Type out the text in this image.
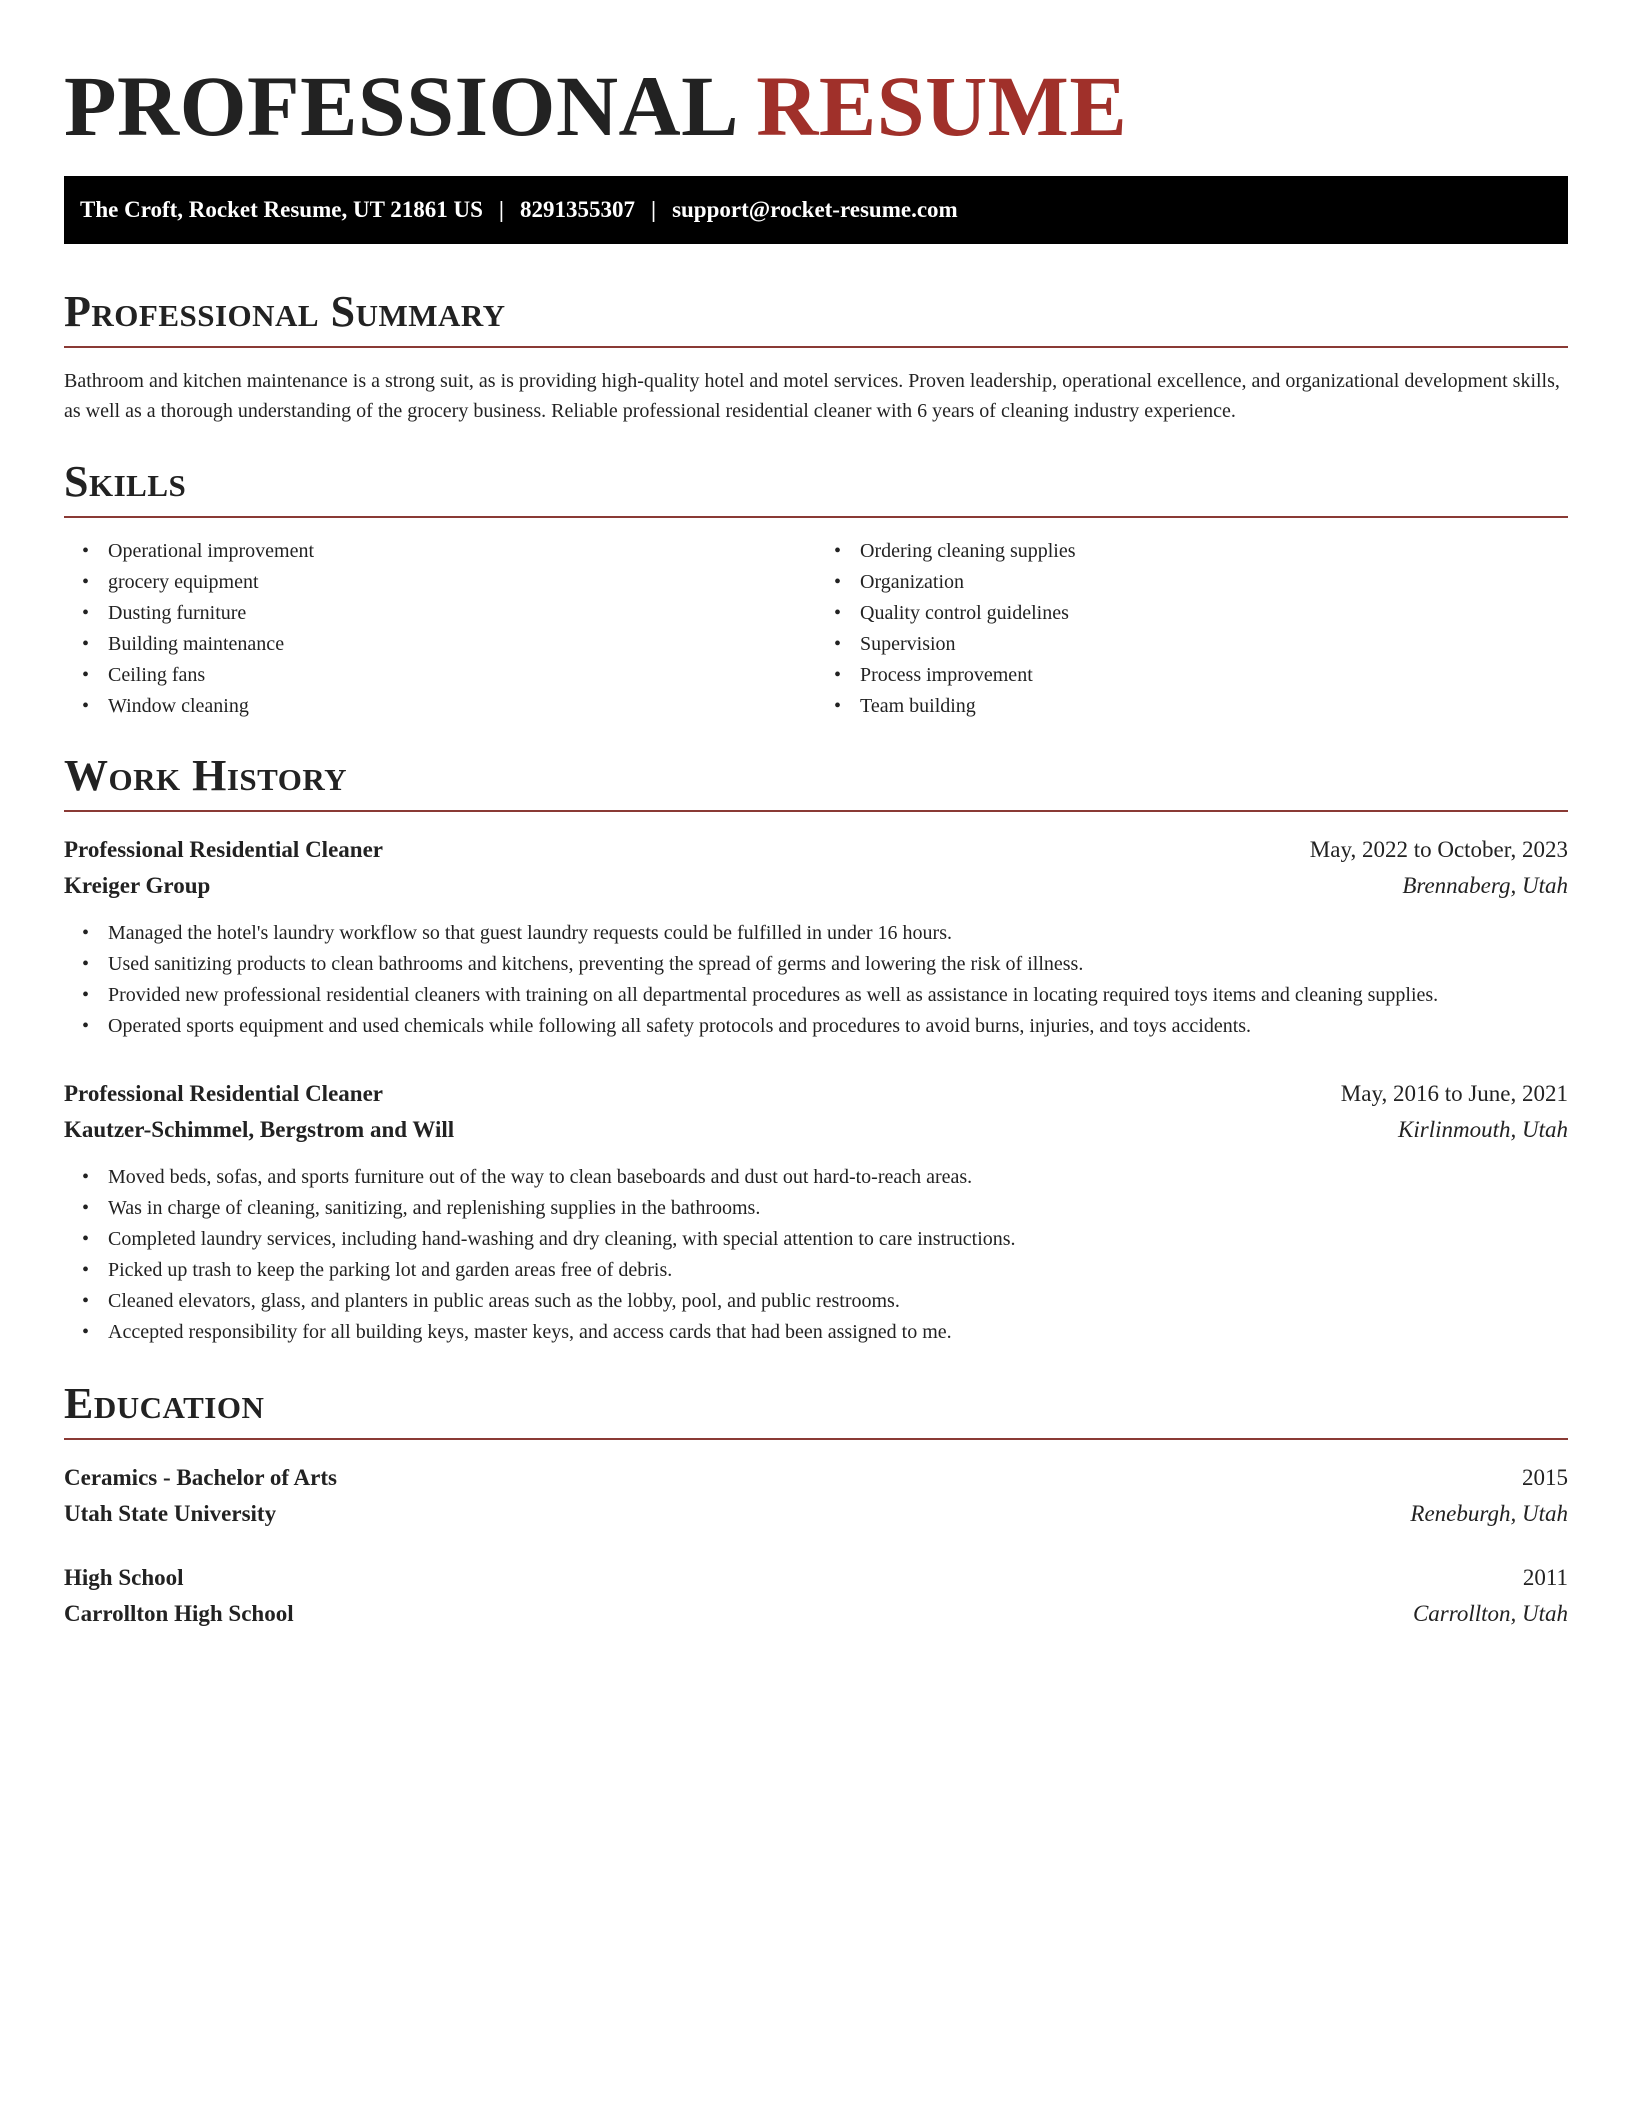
PROFESSIONAL RESUME
The Croft, Rocket Resume, UT 21861 US | 8291355307 | support@rocket-resume.com
Professional Summary

Bathroom and kitchen maintenance is a strong suit, as is providing high-quality hotel and motel services. Proven leadership, operational excellence, and organizational development skills, as well as a thorough understanding of the grocery business. Reliable professional residential cleaner with 6 years of cleaning industry experience.

Skills
• Operational improvement
• grocery equipment
• Dusting furniture
• Building maintenance
• Ceiling fans
• Window cleaning
• Ordering cleaning supplies
• Organization
• Quality control guidelines
• Supervision
• Process improvement
• Team building
Work History
Professional Residential Cleaner	May, 2022 to October, 2023
Kreiger Group	Brennaberg, Utah
• Managed the hotel's laundry workflow so that guest laundry requests could be fulfilled in under 16 hours.
• Used sanitizing products to clean bathrooms and kitchens, preventing the spread of germs and lowering the risk of illness.
• Provided new professional residential cleaners with training on all departmental procedures as well as assistance in locating required toys items and cleaning supplies.
• Operated sports equipment and used chemicals while following all safety protocols and procedures to avoid burns, injuries, and toys accidents.
Professional Residential Cleaner	May, 2016 to June, 2021
Kautzer-Schimmel, Bergstrom and Will	Kirlinmouth, Utah
• Moved beds, sofas, and sports furniture out of the way to clean baseboards and dust out hard-to-reach areas.
• Was in charge of cleaning, sanitizing, and replenishing supplies in the bathrooms.
• Completed laundry services, including hand-washing and dry cleaning, with special attention to care instructions.
• Picked up trash to keep the parking lot and garden areas free of debris.
• Cleaned elevators, glass, and planters in public areas such as the lobby, pool, and public restrooms.
• Accepted responsibility for all building keys, master keys, and access cards that had been assigned to me.
Education
Ceramics - Bachelor of Arts	2015
Utah State University	Reneburgh, Utah
High School	2011
Carrollton High School	Carrollton, Utah
